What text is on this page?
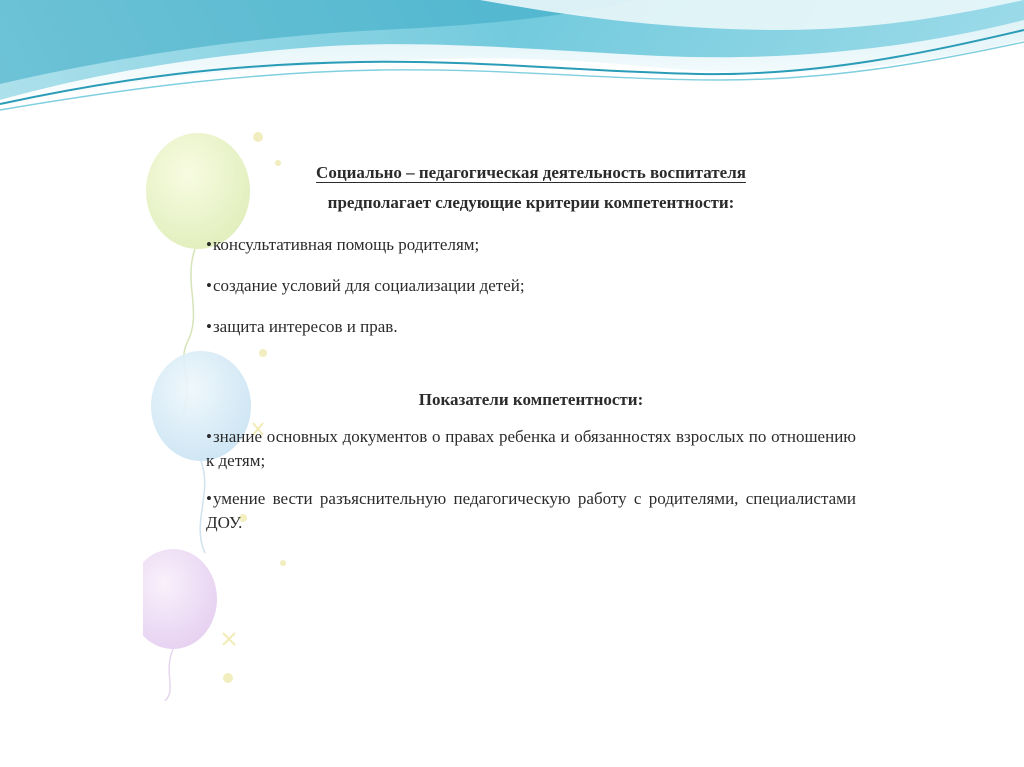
Социально – педагогическая деятельность воспитателя

предполагает следующие критерии компетентности:

•консультативная помощь родителям;

•создание условий для социализации детей;

•защита интересов и прав.

Показатели компетентности:

•знание основных документов о правах ребенка и обязанностях взрослых по отношению к детям;

•умение вести разъяснительную педагогическую работу с родителями, специалистами ДОУ.
